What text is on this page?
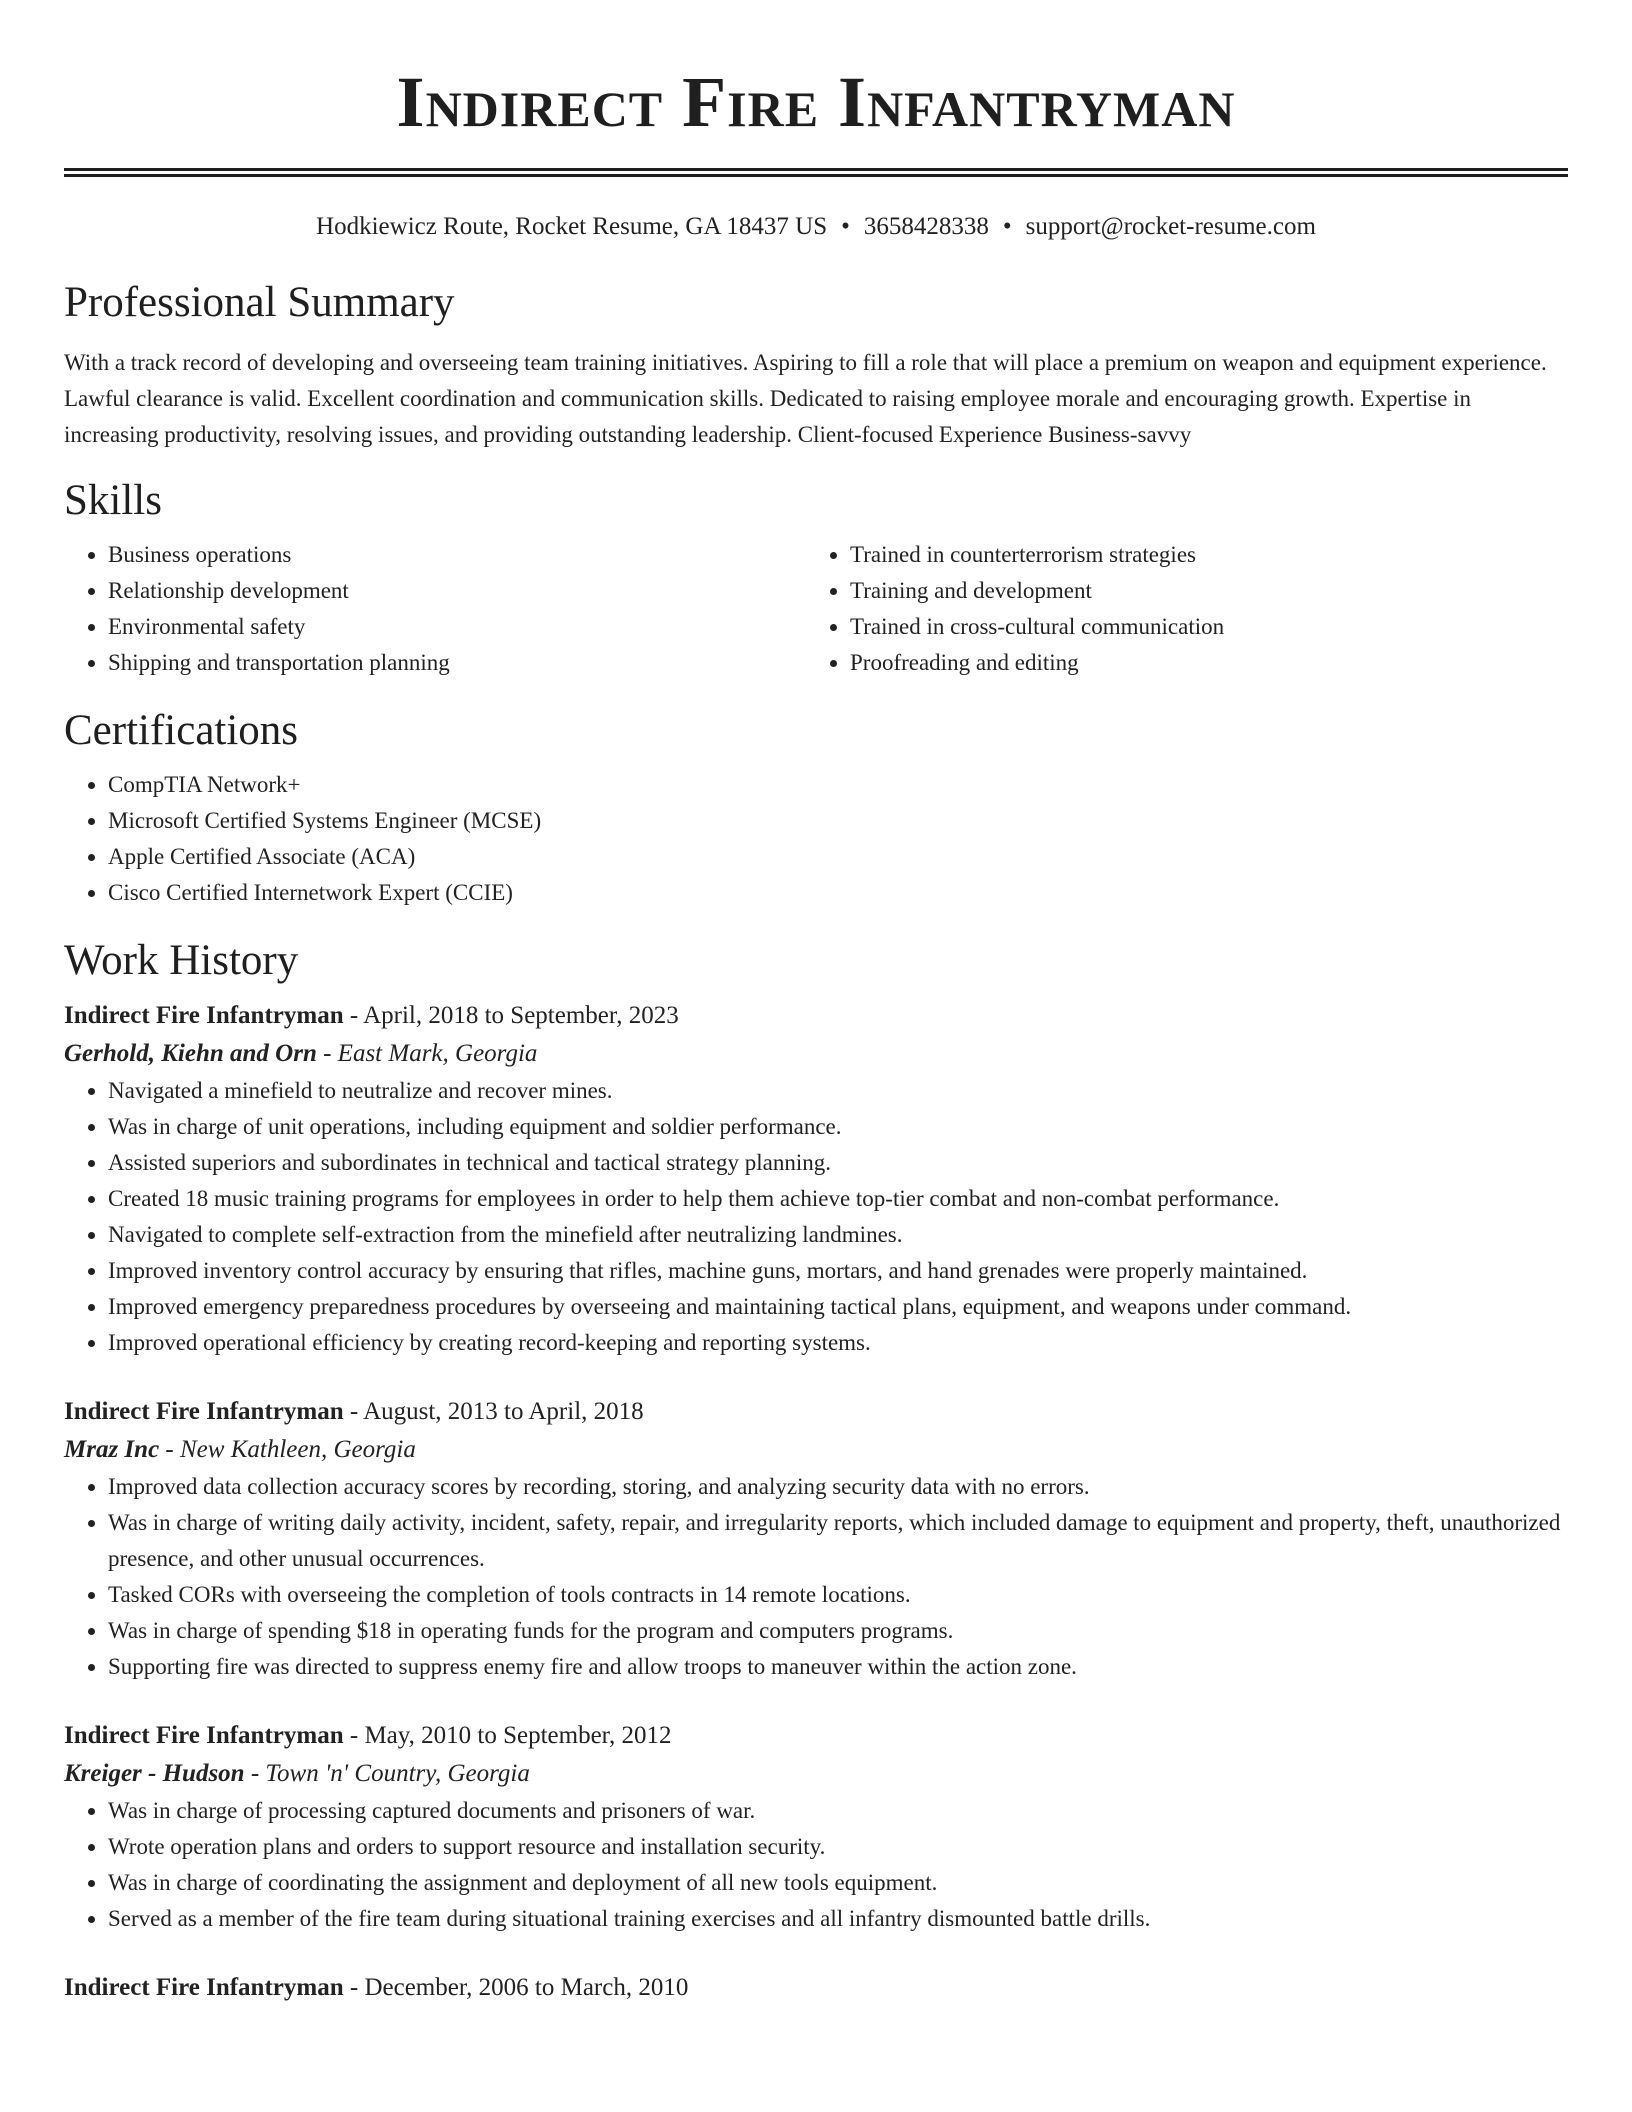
Indirect Fire Infantryman
Hodkiewicz Route, Rocket Resume, GA 18437 US • 3658428338 • support@rocket-resume.com
Professional Summary

With a track record of developing and overseeing team training initiatives. Aspiring to fill a role that will place a premium on weapon and equipment experience. Lawful clearance is valid. Excellent coordination and communication skills. Dedicated to raising employee morale and encouraging growth. Expertise in increasing productivity, resolving issues, and providing outstanding leadership. Client-focused Experience Business-savvy

Skills
• Business operations
• Relationship development
• Environmental safety
• Shipping and transportation planning
• Trained in counterterrorism strategies
• Training and development
• Trained in cross-cultural communication
• Proofreading and editing
Certifications
• CompTIA Network+
• Microsoft Certified Systems Engineer (MCSE)
• Apple Certified Associate (ACA)
• Cisco Certified Internetwork Expert (CCIE)
Work History
Indirect Fire Infantryman - April, 2018 to September, 2023
Gerhold, Kiehn and Orn - East Mark, Georgia
• Navigated a minefield to neutralize and recover mines.
• Was in charge of unit operations, including equipment and soldier performance.
• Assisted superiors and subordinates in technical and tactical strategy planning.
• Created 18 music training programs for employees in order to help them achieve top-tier combat and non-combat performance.
• Navigated to complete self-extraction from the minefield after neutralizing landmines.
• Improved inventory control accuracy by ensuring that rifles, machine guns, mortars, and hand grenades were properly maintained.
• Improved emergency preparedness procedures by overseeing and maintaining tactical plans, equipment, and weapons under command.
• Improved operational efficiency by creating record-keeping and reporting systems.
Indirect Fire Infantryman - August, 2013 to April, 2018
Mraz Inc - New Kathleen, Georgia
• Improved data collection accuracy scores by recording, storing, and analyzing security data with no errors.
• Was in charge of writing daily activity, incident, safety, repair, and irregularity reports, which included damage to equipment and property, theft, unauthorized presence, and other unusual occurrences.
• Tasked CORs with overseeing the completion of tools contracts in 14 remote locations.
• Was in charge of spending $18 in operating funds for the program and computers programs.
• Supporting fire was directed to suppress enemy fire and allow troops to maneuver within the action zone.
Indirect Fire Infantryman - May, 2010 to September, 2012
Kreiger - Hudson - Town 'n' Country, Georgia
• Was in charge of processing captured documents and prisoners of war.
• Wrote operation plans and orders to support resource and installation security.
• Was in charge of coordinating the assignment and deployment of all new tools equipment.
• Served as a member of the fire team during situational training exercises and all infantry dismounted battle drills.
Indirect Fire Infantryman - December, 2006 to March, 2010
